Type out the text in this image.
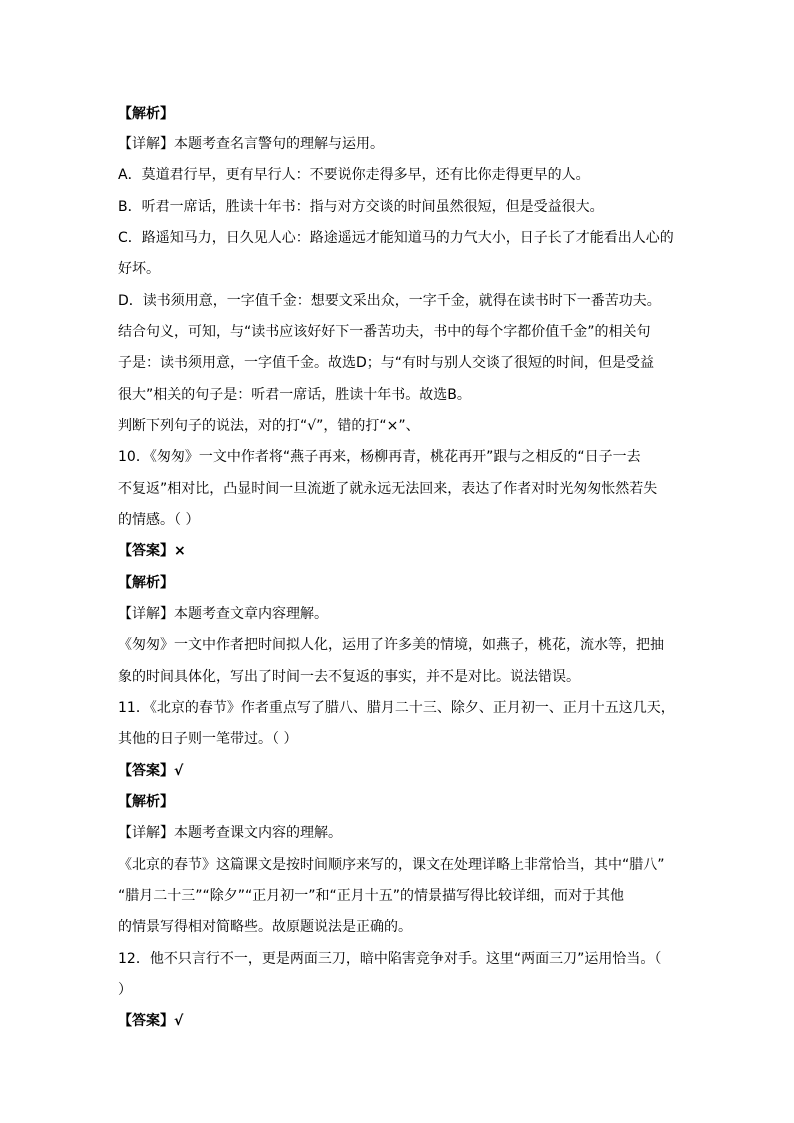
【解析】
【详解】本题考查名言警句的理解与运用。
A．莫道君行早，更有早行人：不要说你走得多早，还有比你走得更早的人。
B．听君一席话，胜读十年书：指与对方交谈的时间虽然很短，但是受益很大。
C．路遥知马力，日久见人心：路途遥远才能知道马的力气大小，日子长了才能看出人心的
好坏。
D．读书须用意，一字值千金：想要文采出众，一字千金，就得在读书时下一番苦功夫。
结合句义，可知，与“读书应该好好下一番苦功夫，书中的每个字都价值千金”的相关句
子是：读书须用意，一字值千金。故选D；与“有时与别人交谈了很短的时间，但是受益
很大”相关的句子是：听君一席话，胜读十年书。故选B。
判断下列句子的说法，对的打“√”，错的打“×”、
10．《匆匆》一文中作者将“燕子再来，杨柳再青，桃花再开”跟与之相反的“日子一去
不复返”相对比，凸显时间一旦流逝了就永远无法回来，表达了作者对时光匆匆怅然若失
的情感。（ ）
【答案】×
【解析】
【详解】本题考查文章内容理解。
《匆匆》一文中作者把时间拟人化，运用了许多美的情境，如燕子，桃花，流水等，把抽
象的时间具体化，写出了时间一去不复返的事实，并不是对比。说法错误。
11．《北京的春节》作者重点写了腊八、腊月二十三、除夕、正月初一、正月十五这几天，
其他的日子则一笔带过。（ ）
【答案】√
【解析】
【详解】本题考查课文内容的理解。
《北京的春节》这篇课文是按时间顺序来写的，课文在处理详略上非常恰当，其中“腊八”
“腊月二十三”“除夕”“正月初一”和“正月十五”的情景描写得比较详细，而对于其他
的情景写得相对简略些。故原题说法是正确的。
12．他不只言行不一，更是两面三刀，暗中陷害竞争对手。这里“两面三刀”运用恰当。（
）
【答案】√
